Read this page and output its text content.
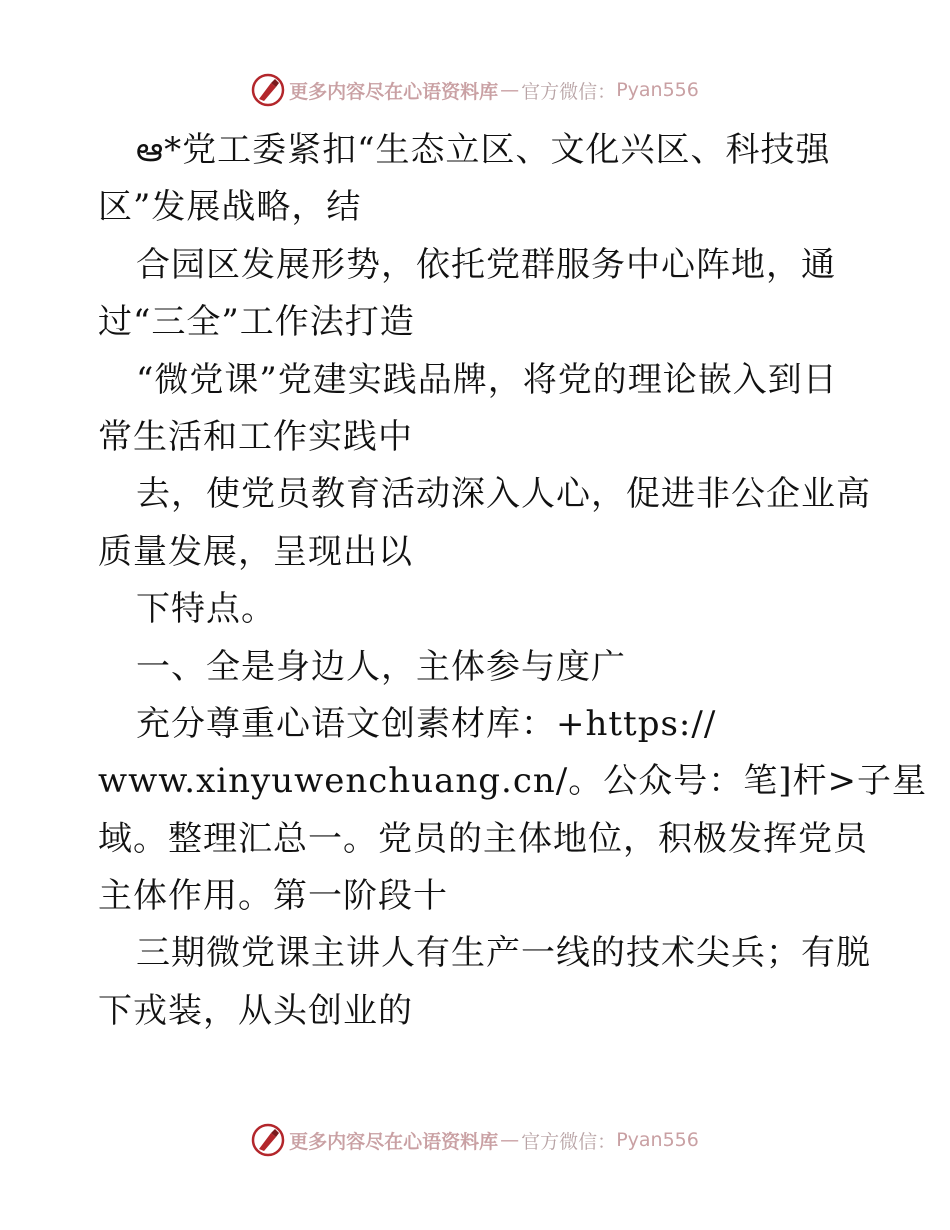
更多内容尽在心语资料库 — 官方微信： Pyan556
ఆ*党工委紧扣“生态立区、文化兴区、科技强
区”发展战略，结
合园区发展形势，依托党群服务中心阵地，通
过“三全”工作法打造
“微党课”党建实践品牌，将党的理论嵌入到日
常生活和工作实践中
去，使党员教育活动深入人心，促进非公企业高
质量发展，呈现出以
下特点。
一、全是身边人，主体参与度广
充分尊重心语文创素材库：+https://
www.xinyuwenchuang.cn/。公众号：笔]杆>子星
域。整理汇总一。党员的主体地位，积极发挥党员
主体作用。第一阶段十
三期微党课主讲人有生产一线的技术尖兵；有脱
下戎装，从头创业的
更多内容尽在心语资料库 — 官方微信： Pyan556
